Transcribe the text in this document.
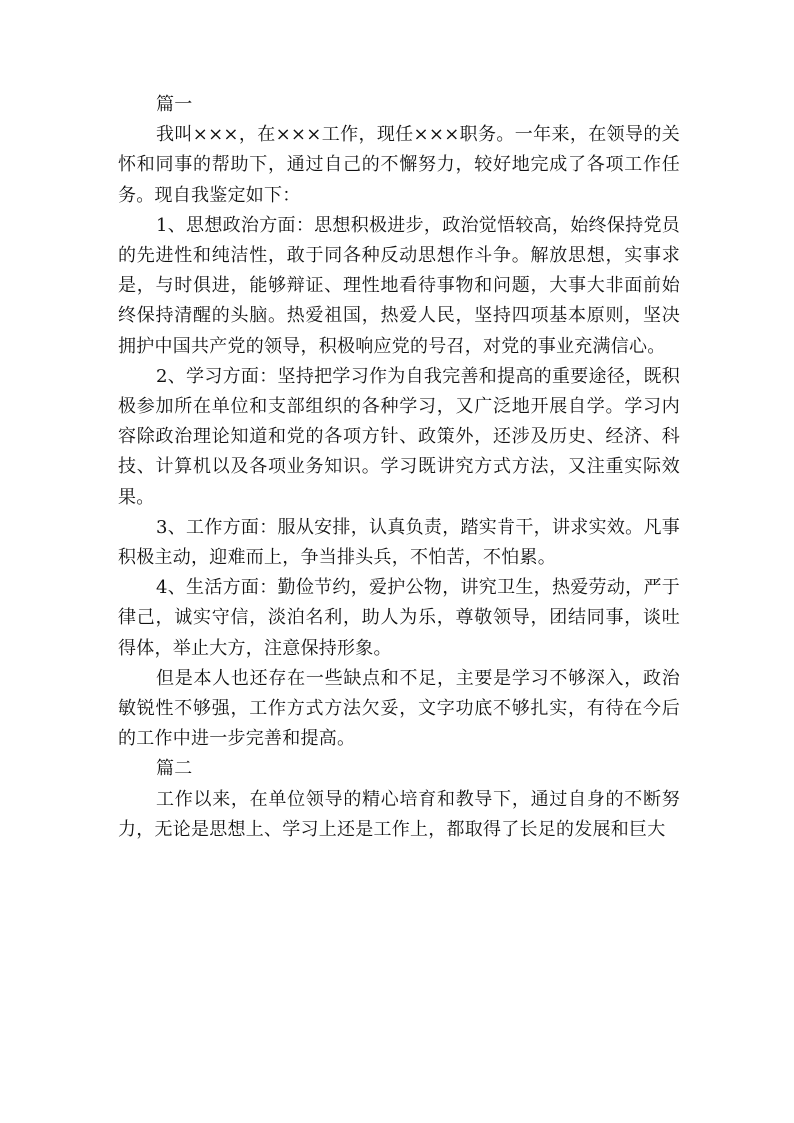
篇一

我叫×××，在×××工作，现任×××职务。一年来，在领导的关怀和同事的帮助下，通过自己的不懈努力，较好地完成了各项工作任务。现自我鉴定如下：

1、思想政治方面：思想积极进步，政治觉悟较高，始终保持党员的先进性和纯洁性，敢于同各种反动思想作斗争。解放思想，实事求是，与时俱进，能够辩证、理性地看待事物和问题，大事大非面前始终保持清醒的头脑。热爱祖国，热爱人民，坚持四项基本原则，坚决拥护中国共产党的领导，积极响应党的号召，对党的事业充满信心。

2、学习方面：坚持把学习作为自我完善和提高的重要途径，既积极参加所在单位和支部组织的各种学习，又广泛地开展自学。学习内容除政治理论知道和党的各项方针、政策外，还涉及历史、经济、科技、计算机以及各项业务知识。学习既讲究方式方法，又注重实际效果。

3、工作方面：服从安排，认真负责，踏实肯干，讲求实效。凡事积极主动，迎难而上，争当排头兵，不怕苦，不怕累。

4、生活方面：勤俭节约，爱护公物，讲究卫生，热爱劳动，严于律己，诚实守信，淡泊名利，助人为乐，尊敬领导，团结同事，谈吐得体，举止大方，注意保持形象。

但是本人也还存在一些缺点和不足，主要是学习不够深入，政治敏锐性不够强，工作方式方法欠妥，文字功底不够扎实，有待在今后的工作中进一步完善和提高。

篇二

工作以来，在单位领导的精心培育和教导下，通过自身的不断努力，无论是思想上、学习上还是工作上，都取得了长足的发展和巨大
